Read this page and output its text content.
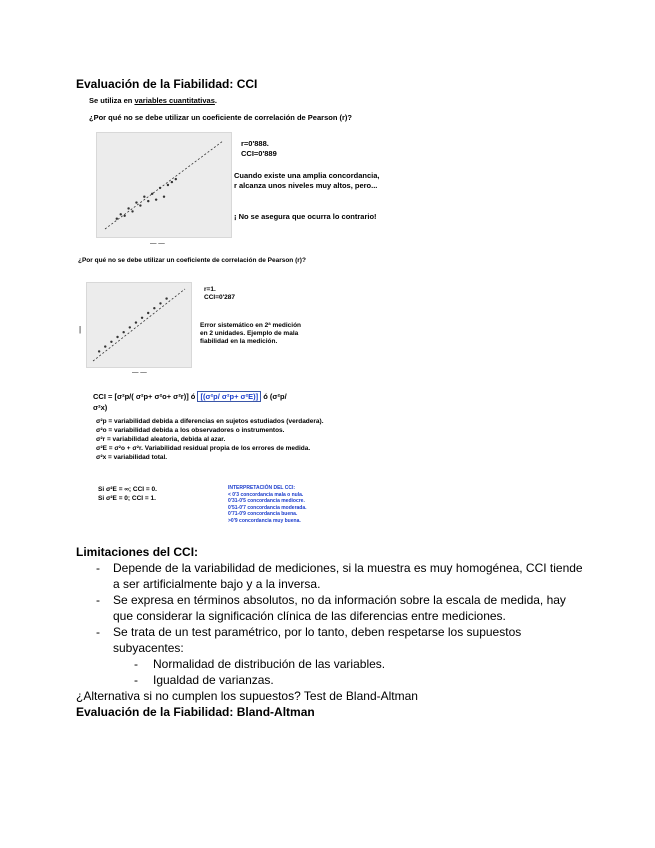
Evaluación de la Fiabilidad: CCI
Se utiliza en variables cuantitativas.
¿Por qué no se debe utilizar un coeficiente de correlación de Pearson (r)?
— —
r=0'888.
CCI=0'889
Cuando existe una amplia concordancia,
r alcanza unos niveles muy altos, pero...
¡ No se asegura que ocurra lo contrario!
¿Por qué no se debe utilizar un coeficiente de correlación de Pearson (r)?
|
— —
r=1.
CCI=0'287
Error sistemático en 2ª medición
en 2 unidades. Ejemplo de mala
fiabilidad en la medición.
CCI = [σ²p/( σ²p+ σ²o+ σ²r)] ó [(σ²p/ σ²p+ σ²E)] ó (σ²p/
σ²x)
σ²p = variabilidad debida a diferencias en sujetos estudiados (verdadera).
σ²o = variabilidad debida a los observadores o instrumentos.
σ²r = variabilidad aleatoria, debida al azar.
σ²E = σ²o + σ²r. Variabilidad residual propia de los errores de medida.
σ²x = variabilidad total.
Si σ²E = ∞; CCI = 0.
Si σ²E = 0; CCI = 1.
INTERPRETACIÓN DEL CCI:
< 0'3 concordancia mala o nula.
0'31-0'5 concordancia mediocre.
0'51-0'7 concordancia moderada.
0'71-0'9 concordancia buena.
>0'9 concordancia muy buena.
Limitaciones del CCI:
- Depende de la variabilidad de mediciones, si la muestra es muy homogénea, CCI tiende
a ser artificialmente bajo y a la inversa.
- Se expresa en términos absolutos, no da información sobre la escala de medida, hay
que considerar la significación clínica de las diferencias entre mediciones.
- Se trata de un test paramétrico, por lo tanto, deben respetarse los supuestos
subyacentes:
- Normalidad de distribución de las variables.
- Igualdad de varianzas.
¿Alternativa si no cumplen los supuestos? Test de Bland-Altman
Evaluación de la Fiabilidad: Bland-Altman
